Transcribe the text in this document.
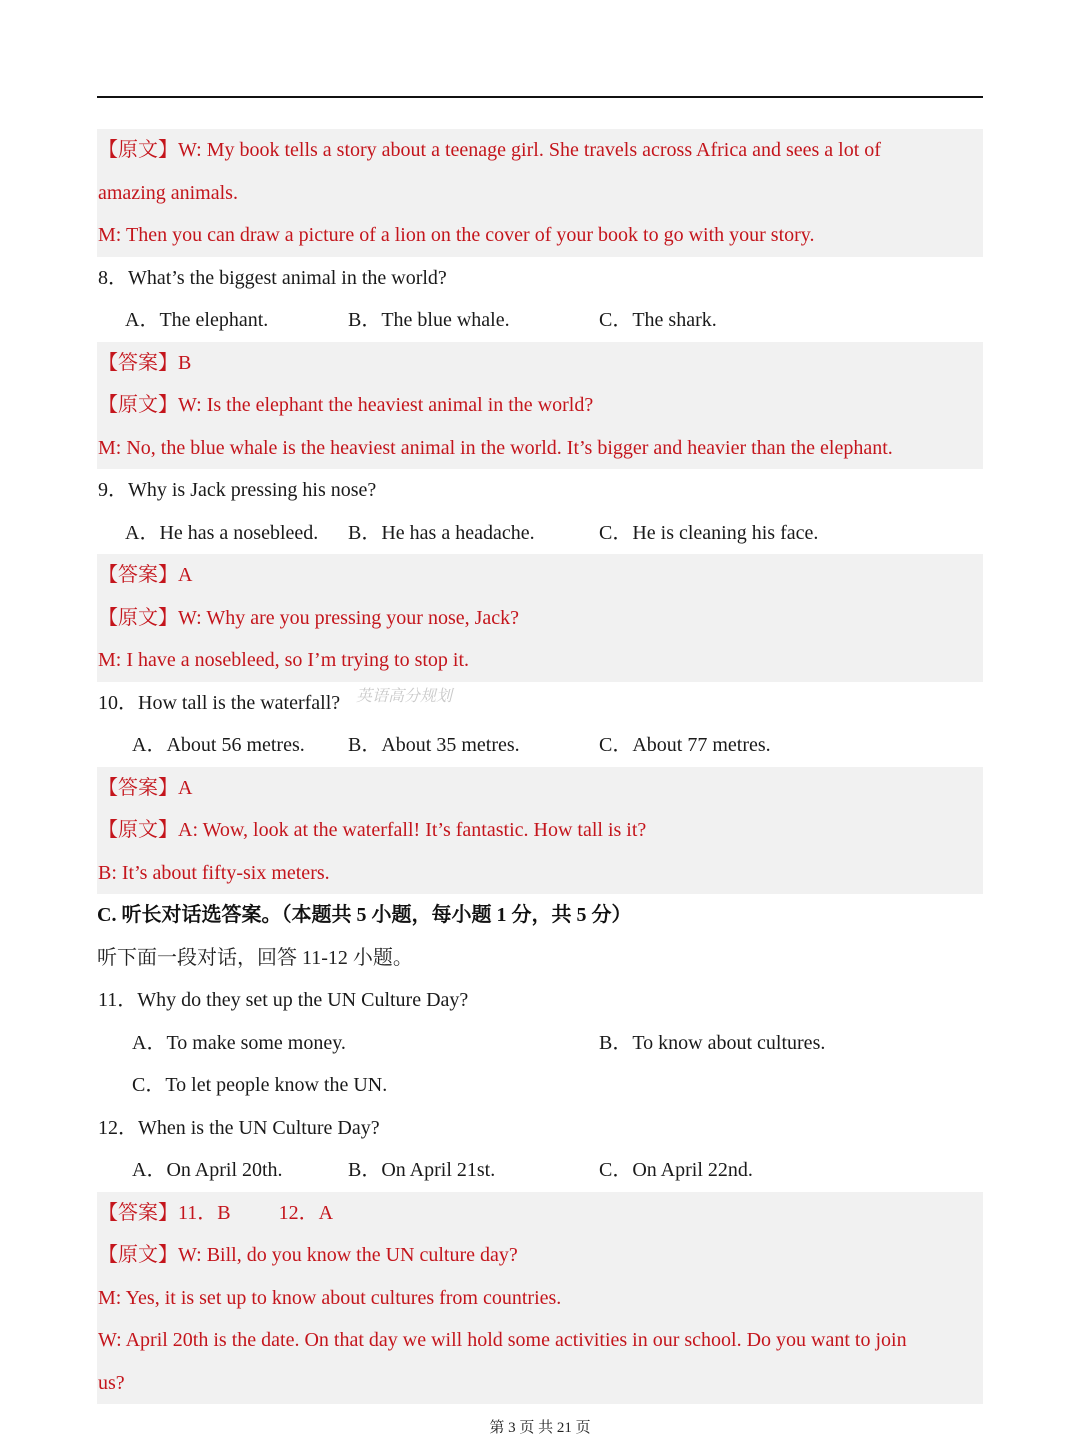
【原文】W: My book tells a story about a teenage girl. She travels across Africa and sees a lot of
amazing animals.
M: Then you can draw a picture of a lion on the cover of your book to go with your story.
8．What’s the biggest animal in the world?
A．The elephant.	B．The blue whale.	C．The shark.
【答案】B
【原文】W: Is the elephant the heaviest animal in the world?
M: No, the blue whale is the heaviest animal in the world. It’s bigger and heavier than the elephant.
9．Why is Jack pressing his nose?
A．He has a nosebleed. B．He has a headache.	C．He is cleaning his face.
【答案】A
【原文】W: Why are you pressing your nose, Jack?
M: I have a nosebleed, so I’m trying to stop it.
10．How tall is the waterfall?
A．About 56 metres. B．About 35 metres.	C．About 77 metres.
【答案】A
【原文】A: Wow, look at the waterfall! It’s fantastic. How tall is it?
B: It’s about fifty-six meters.
C. 听长对话选答案。（本题共 5 小题，每小题 1 分，共 5 分）
听下面一段对话，回答 11-12 小题。
11．Why do they set up the UN Culture Day?
A．To make some money.	B．To know about cultures.
C．To let people know the UN.
12．When is the UN Culture Day?
A．On April 20th.	B．On April 21st.	C．On April 22nd.
【答案】11．B 12．A
【原文】W: Bill, do you know the UN culture day?
M: Yes, it is set up to know about cultures from countries.
W: April 20th is the date. On that day we will hold some activities in our school. Do you want to join
us?
英语高分规划
第 3 页 共 21 页
